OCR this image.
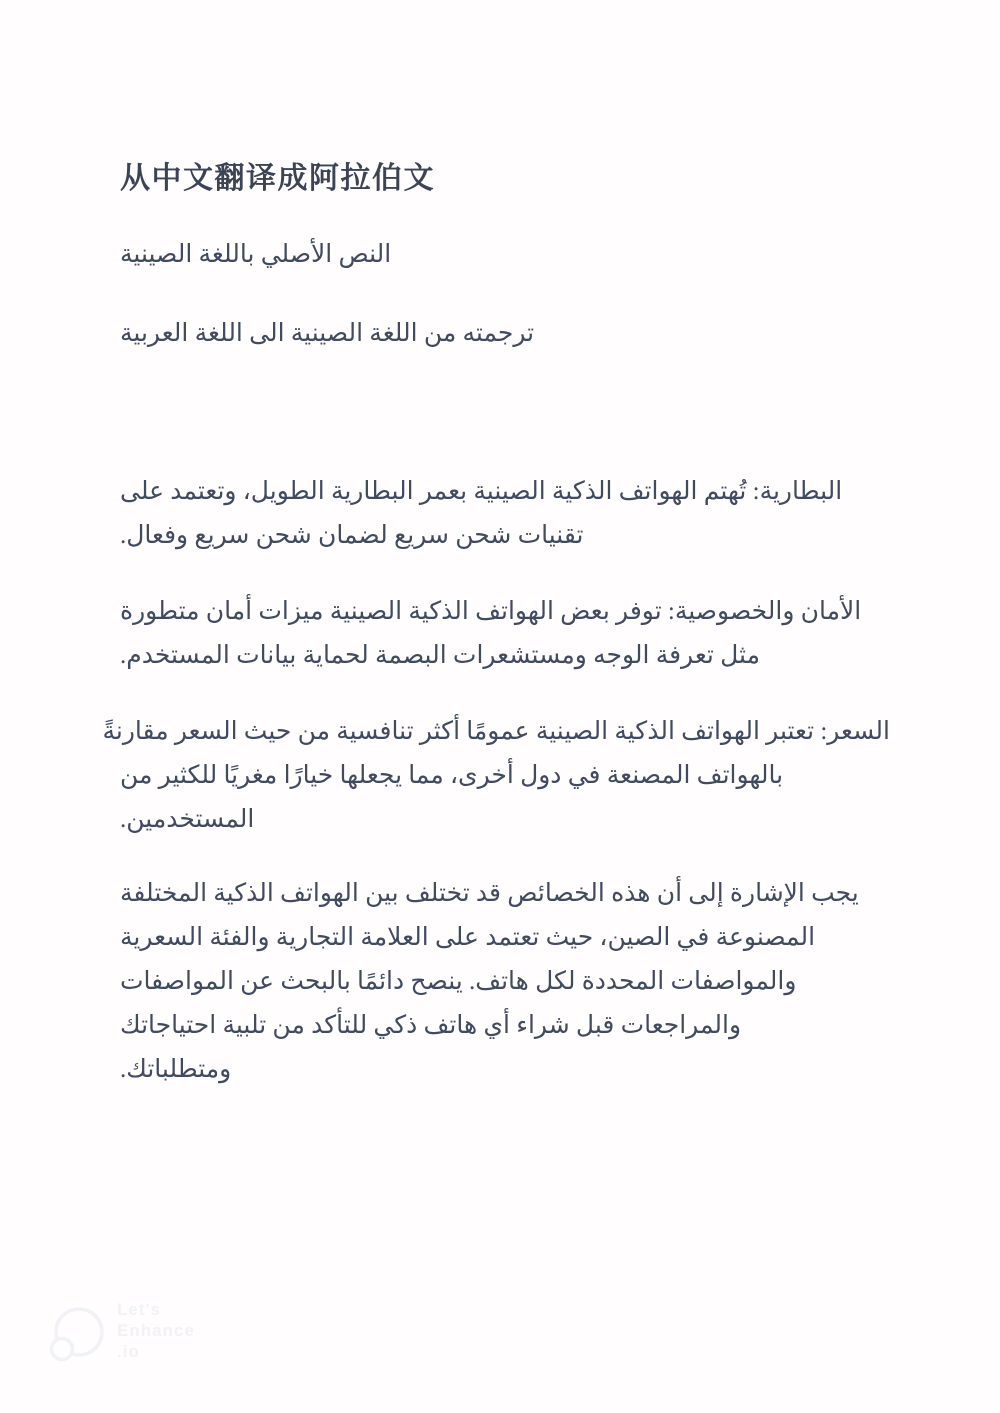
从中文翻译成阿拉伯文
النص الأصلي باللغة الصينية
ترجمته من اللغة الصينية الى اللغة العربية
البطارية: تُهتم الهواتف الذكية الصينية بعمر البطارية الطويل، وتعتمد على
تقنيات شحن سريع لضمان شحن سريع وفعال.
الأمان والخصوصية: توفر بعض الهواتف الذكية الصينية ميزات أمان متطورة
مثل تعرفة الوجه ومستشعرات البصمة لحماية بيانات المستخدم.
السعر: تعتبر الهواتف الذكية الصينية عمومًا أكثر تنافسية من حيث السعر مقارنةً
بالهواتف المصنعة في دول أخرى، مما يجعلها خيارًا مغريًا للكثير من
المستخدمين.
يجب الإشارة إلى أن هذه الخصائص قد تختلف بين الهواتف الذكية المختلفة
المصنوعة في الصين، حيث تعتمد على العلامة التجارية والفئة السعرية
والمواصفات المحددة لكل هاتف. ينصح دائمًا بالبحث عن المواصفات
والمراجعات قبل شراء أي هاتف ذكي للتأكد من تلبية احتياجاتك
ومتطلباتك.
Let's
Enhance
.io
